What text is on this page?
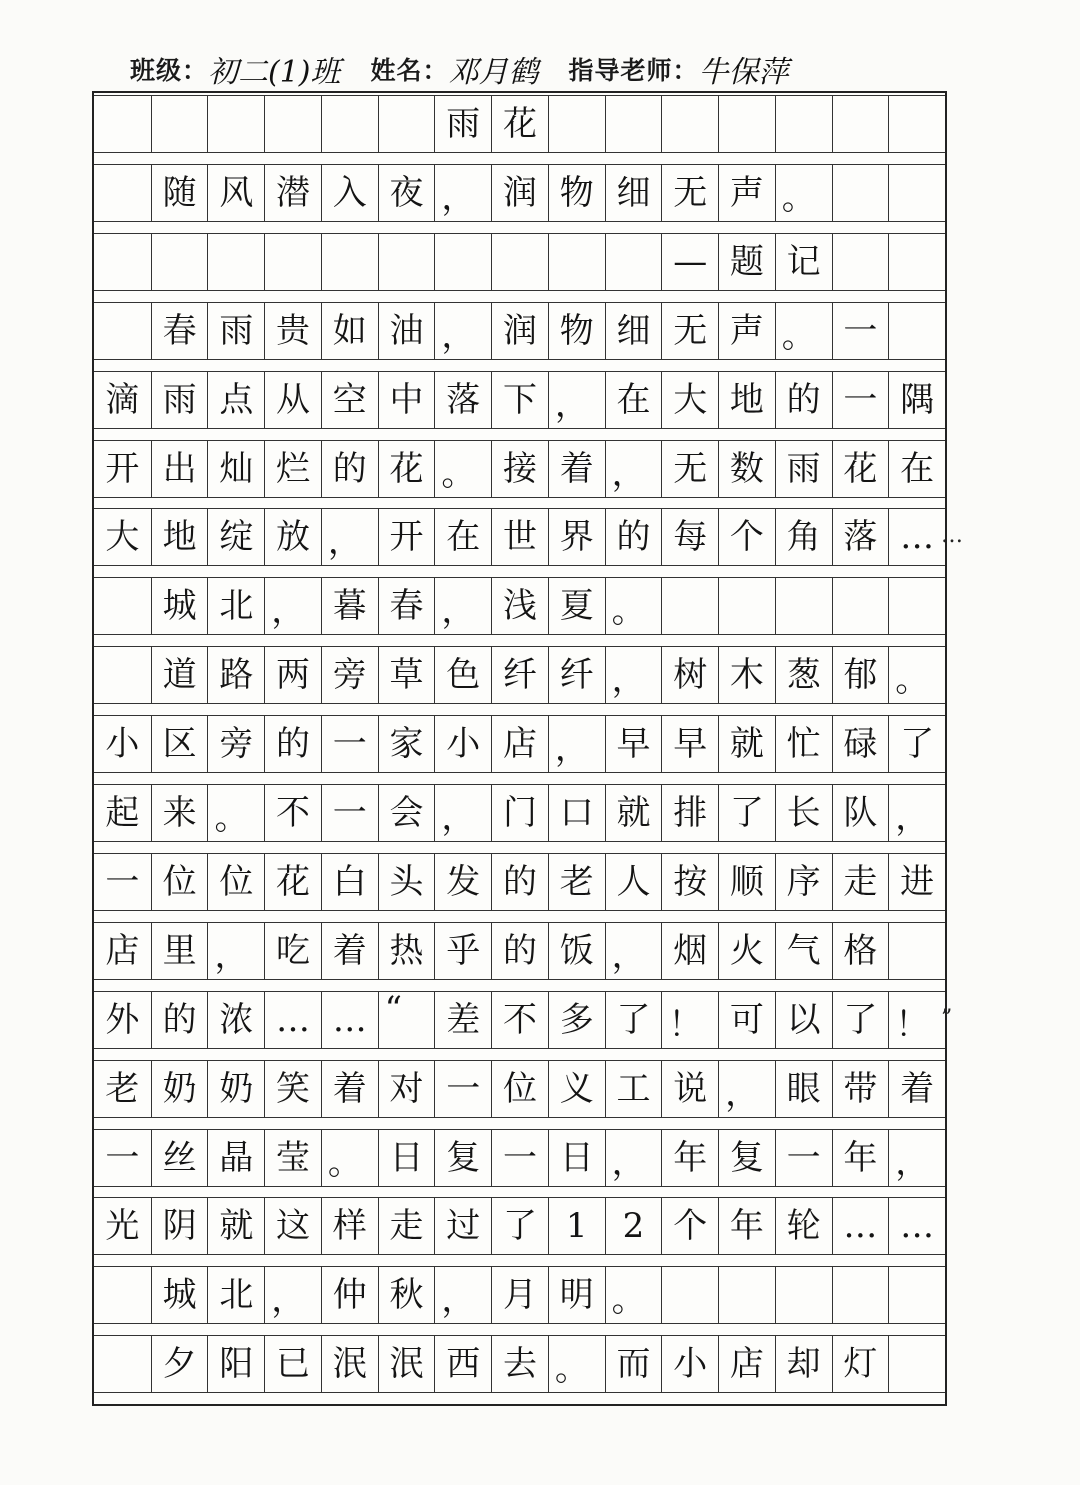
班级： 初二(1)班 姓名： 邓月鹤 指导老师： 牛保萍
雨 花
随 风 潜 入 夜 ， 润 物 细 无 声 。
— 题 记
春 雨 贵 如 油 ， 润 物 细 无 声 。 一
滴 雨 点 从 空 中 落 下 ， 在 大 地 的 一 隅
开 出 灿 烂 的 花 。 接 着 ， 无 数 雨 花 在
大 地 绽 放 ， 开 在 世 界 的 每 个 角 落 … …
城 北 ， 暮 春 ， 浅 夏 。
道 路 两 旁 草 色 纤 纤 ， 树 木 葱 郁 。
小 区 旁 的 一 家 小 店 ， 早 早 就 忙 碌 了
起 来 。 不 一 会 ， 门 口 就 排 了 长 队 ，
一 位 位 花 白 头 发 的 老 人 按 顺 序 走 进
店 里 ， 吃 着 热 乎 的 饭 ， 烟 火 气 格
外 的 浓 … … “	差 不 多 了 ！ 可 以 了 ！ ”
老 奶 奶 笑 着 对 一 位 义 工 说 ， 眼 带 着
一 丝 晶 莹 。 日 复 一 日 ， 年 复 一 年 ，
光 阴 就 这 样 走 过 了 1	2 个 年 轮 … …
城 北 ， 仲 秋 ， 月 明 。
夕 阳 已 泯 泯 西 去 。 而 小 店 却 灯
